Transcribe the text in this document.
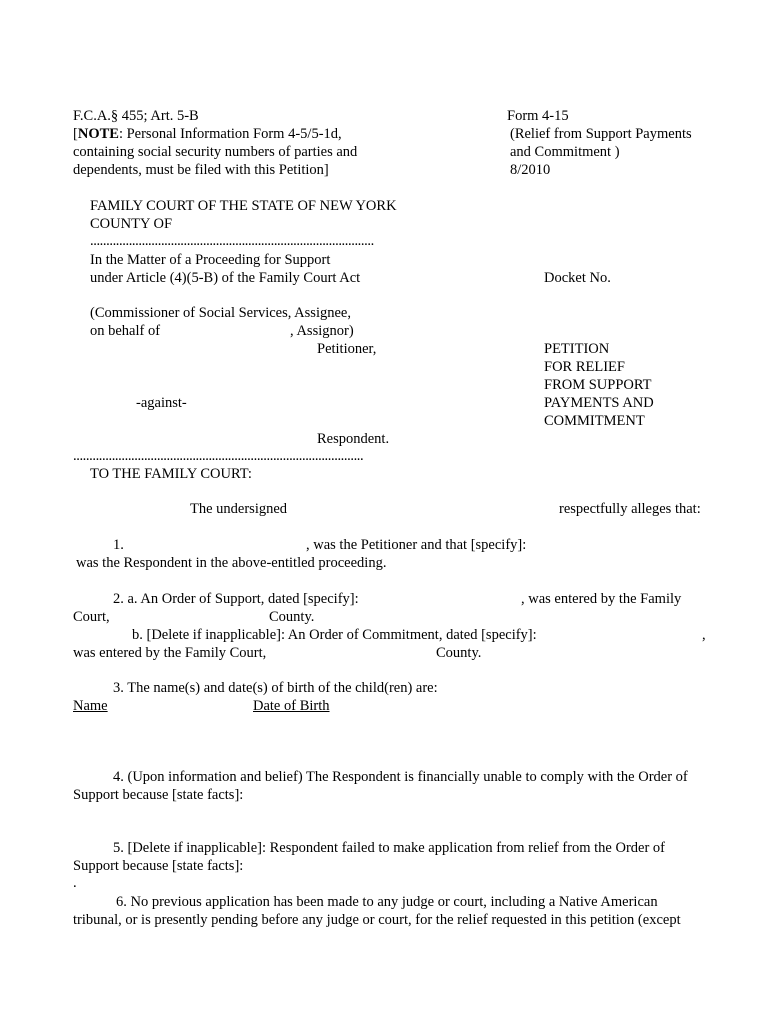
F.C.A.§ 455; Art. 5-B
[NOTE: Personal Information Form 4-5/5-1d,
containing social security numbers of parties and
dependents, must be filed with this Petition]
Form 4-15
(Relief from Support Payments
and Commitment )
8/2010
FAMILY COURT OF THE STATE OF NEW YORK
COUNTY OF
........................................................................................
In the Matter of a Proceeding for Support
under Article (4)(5-B) of the Family Court Act	Docket No.
(Commissioner of Social Services, Assignee,
on behalf of	, Assignor)
Petitioner,
-against-
Respondent.
..........................................................................................
PETITION
FOR RELIEF
FROM SUPPORT
PAYMENTS AND
COMMITMENT
TO THE FAMILY COURT:
The undersigned	respectfully alleges that:
1.	, was the Petitioner and that [specify]:
was the Respondent in the above-entitled proceeding.
2. a. An Order of Support, dated [specify]:	, was entered by the Family
Court,	County.
b. [Delete if inapplicable]: An Order of Commitment, dated [specify]:	,
was entered by the Family Court,	County.
3. The name(s) and date(s) of birth of the child(ren) are:
Name	Date of Birth
4. (Upon information and belief) The Respondent is financially unable to comply with the Order of
Support because [state facts]:
5. [Delete if inapplicable]: Respondent failed to make application from relief from the Order of
Support because [state facts]:
.
6. No previous application has been made to any judge or court, including a Native American
tribunal, or is presently pending before any judge or court, for the relief requested in this petition (except
